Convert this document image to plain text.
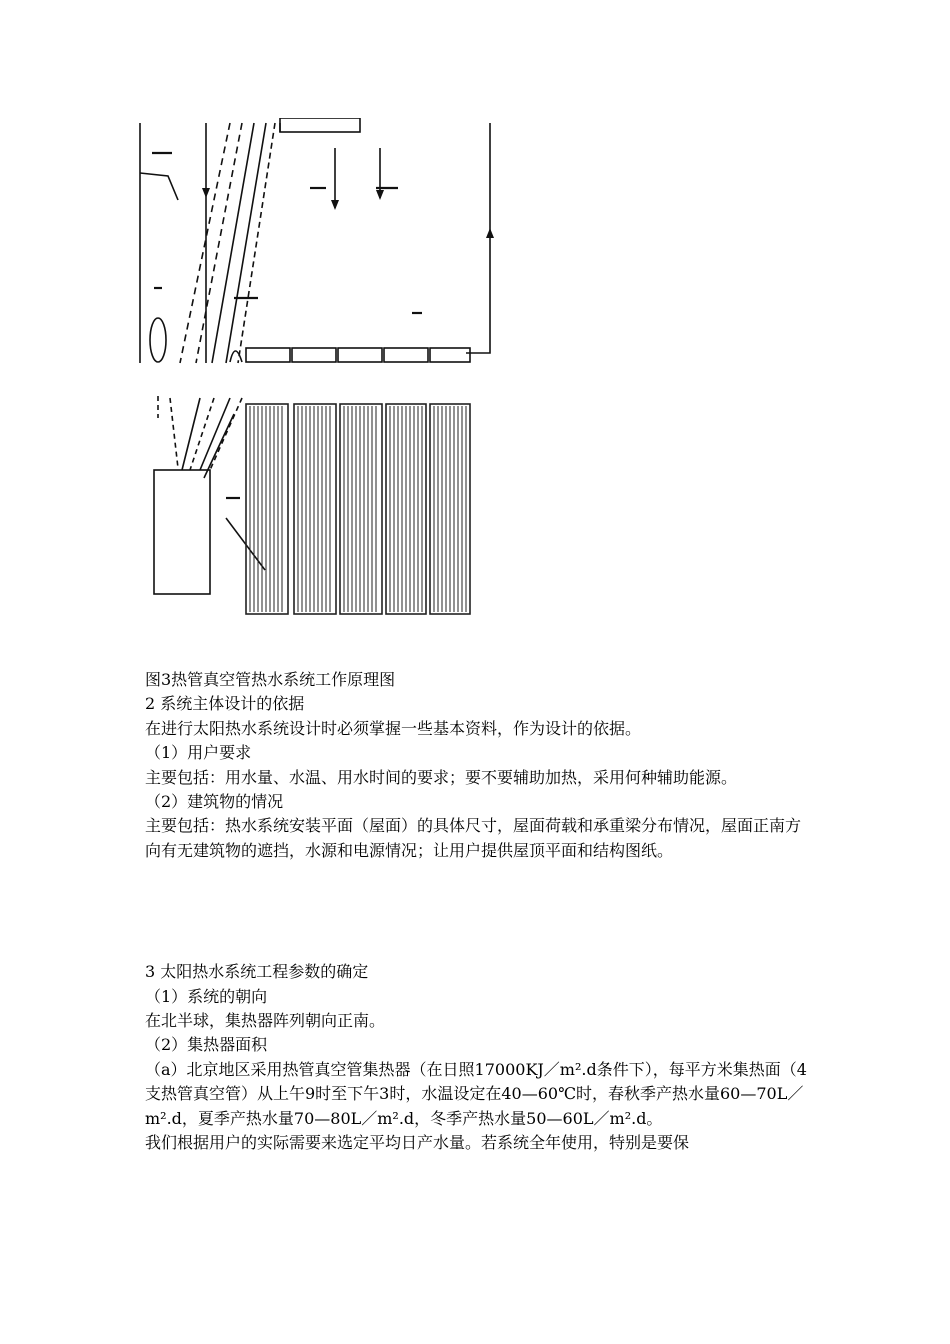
图3热管真空管热水系统工作原理图

2 系统主体设计的依据

在进行太阳热水系统设计时必须掌握一些基本资料，作为设计的依据。

（1）用户要求

主要包括：用水量、水温、用水时间的要求；要不要辅助加热，采用何种辅助能源。

（2）建筑物的情况

主要包括：热水系统安装平面（屋面）的具体尺寸，屋面荷载和承重梁分布情况，屋面正南方向有无建筑物的遮挡，水源和电源情况；让用户提供屋顶平面和结构图纸。

3 太阳热水系统工程参数的确定

（1）系统的朝向

在北半球，集热器阵列朝向正南。

（2）集热器面积

（a）北京地区采用热管真空管集热器（在日照17000KJ／m².d条件下），每平方米集热面（4支热管真空管）从上午9时至下午3时，水温设定在40—60℃时，春秋季产热水量60—70L／m².d，夏季产热水量70—80L／m².d，冬季产热水量50—60L／m².d。

我们根据用户的实际需要来选定平均日产水量。若系统全年使用，特别是要保
